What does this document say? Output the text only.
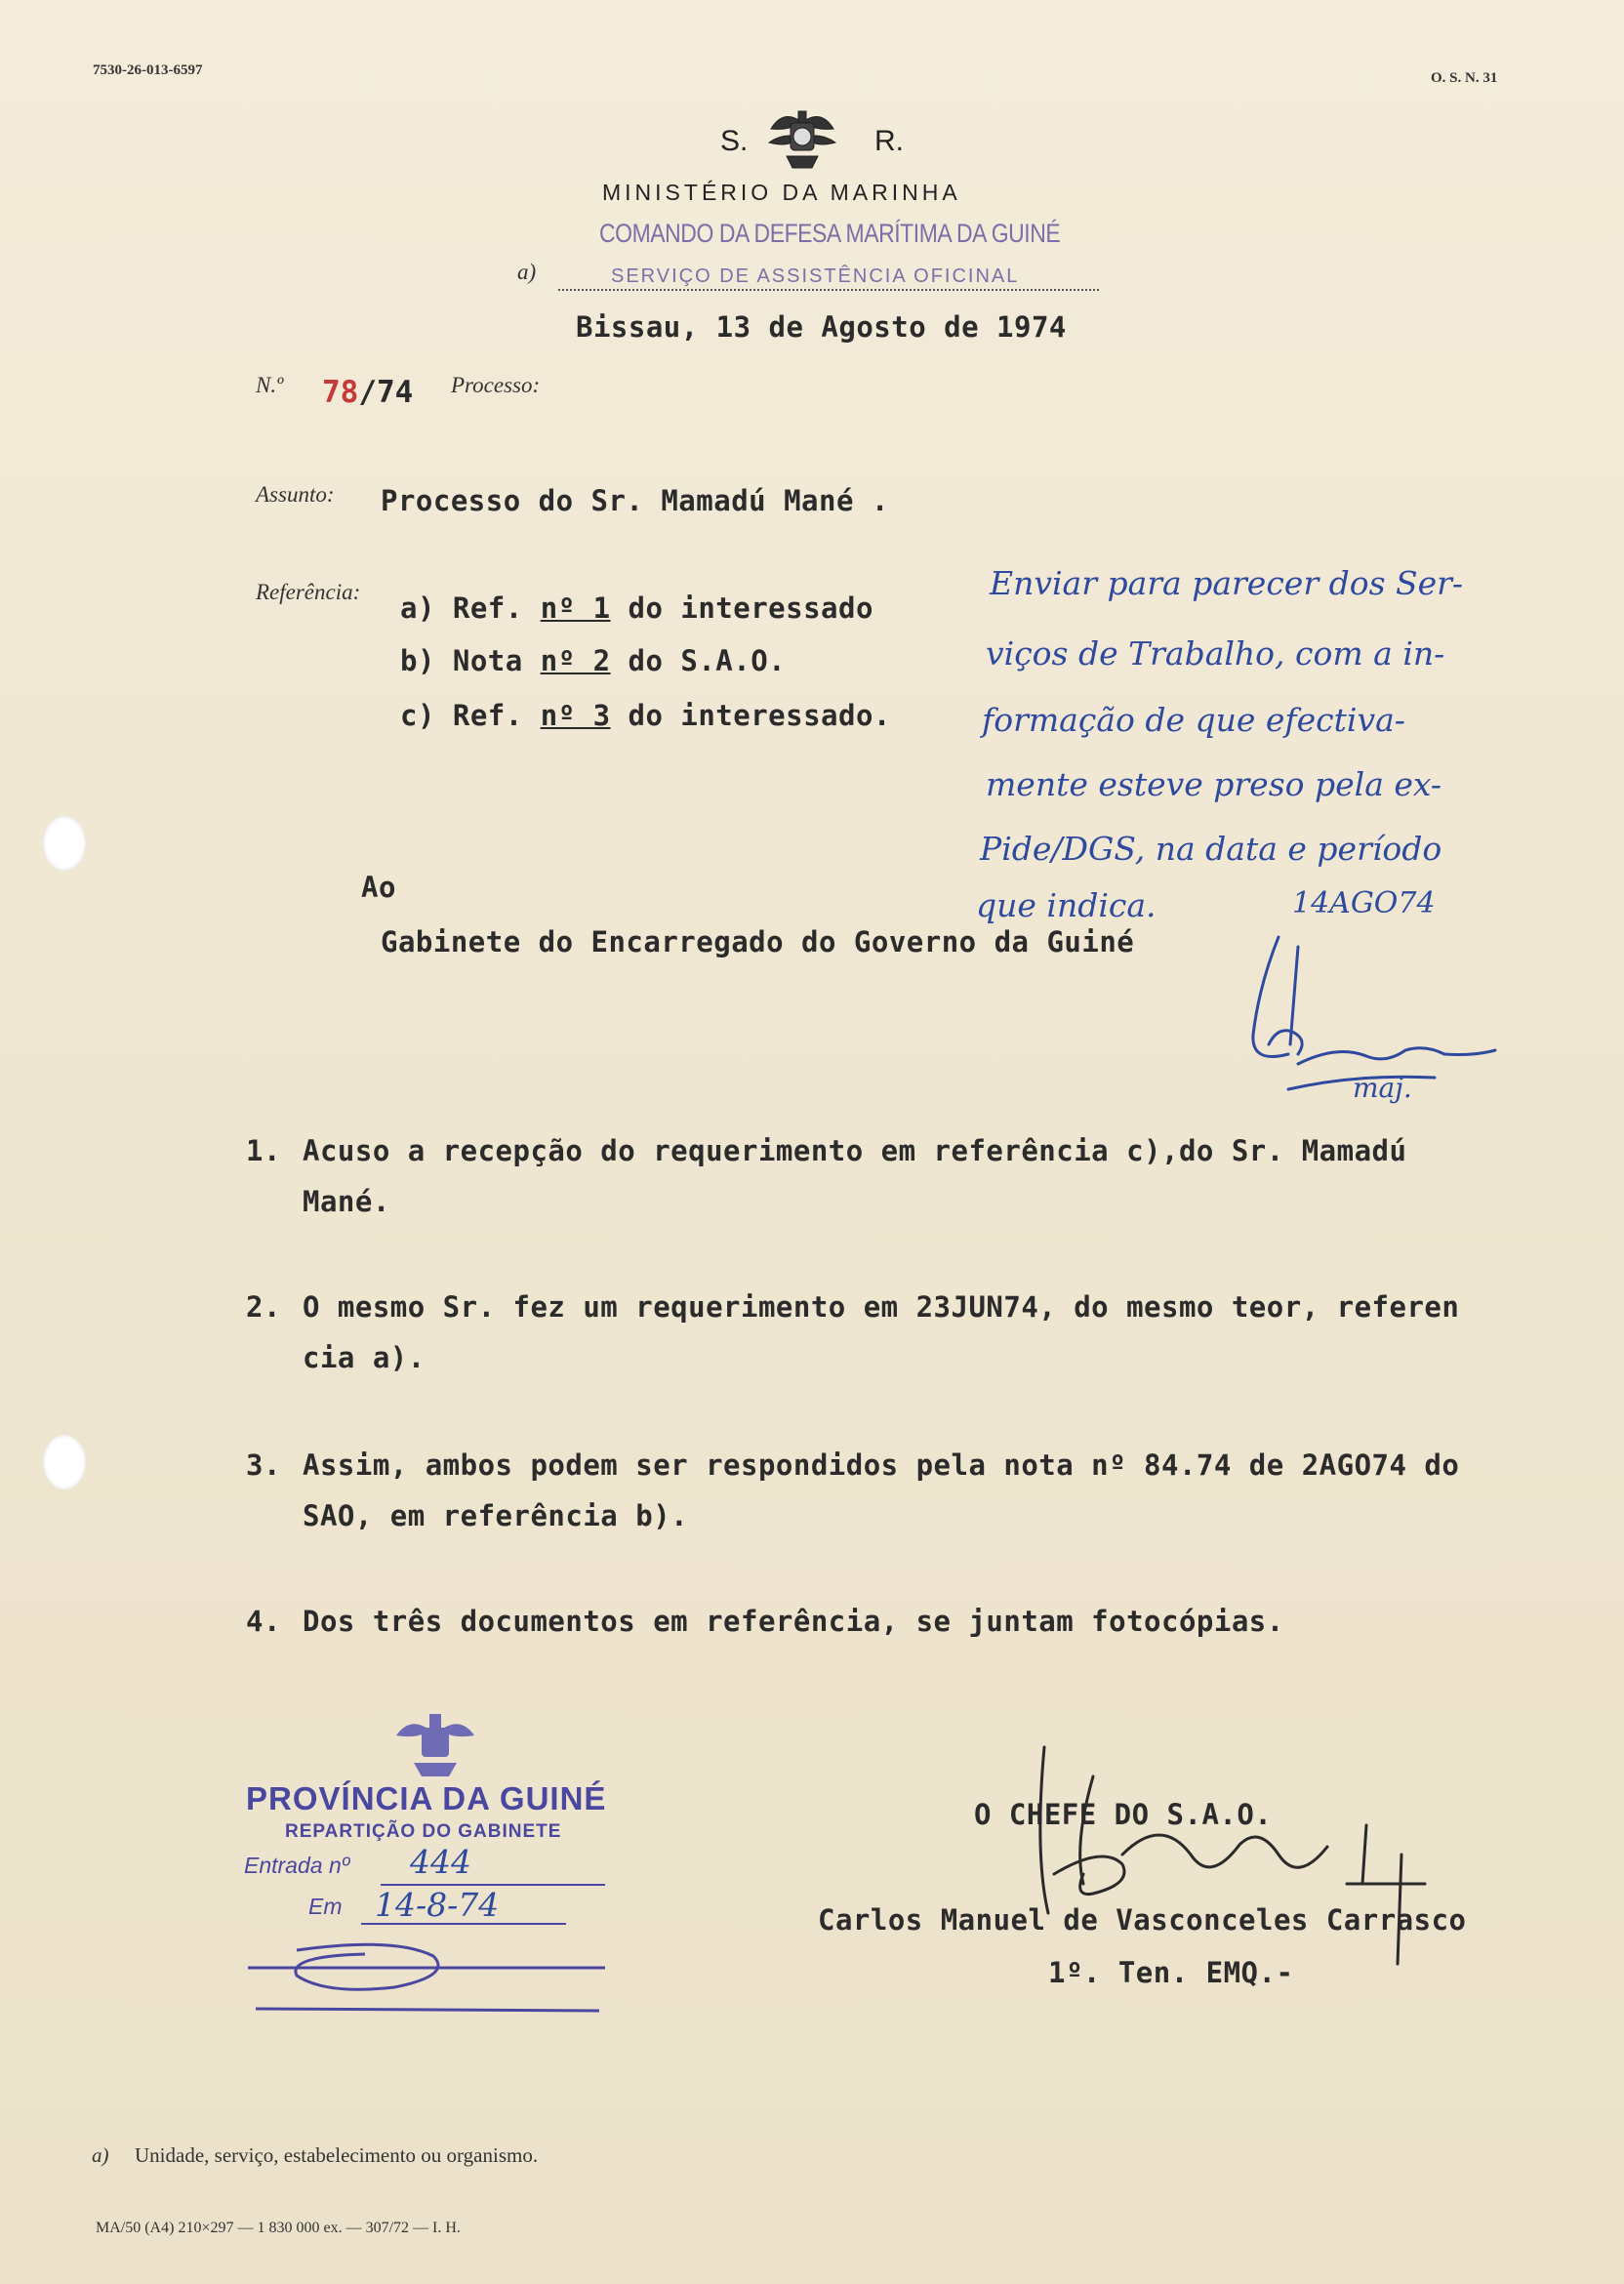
7530-26-013-6597	O. S. N. 31
S.	R.
MINISTÉRIO DA MARINHA
COMANDO DA DEFESA MARÍTIMA DA GUINÉ
a)	SERVIÇO DE ASSISTÊNCIA OFICINAL
Bissau, 13 de Agosto de 1974
N.º 78/74 Processo:
Assunto: Processo do Sr. Mamadú Mané .
Referência: a) Ref. nº 1 do interessado
b) Nota nº 2 do S.A.O.
c) Ref. nº 3 do interessado.
Enviar para parecer dos Ser-
viços de Trabalho, com a in-
formação de que efectiva-
mente esteve preso pela ex-
Pide/DGS, na data e período
que indica.	14AGO74
maj.
Ao
Gabinete do Encarregado do Governo da Guiné
1. Acuso a recepção do requerimento em referência c),do Sr. Mamadú
Mané.
2. O mesmo Sr. fez um requerimento em 23JUN74, do mesmo teor, referen
cia a).
3. Assim, ambos podem ser respondidos pela nota nº 84.74 de 2AGO74 do
SAO, em referência b).
4. Dos três documentos em referência, se juntam fotocópias.
PROVÍNCIA DA GUINÉ
REPARTIÇÃO DO GABINETE
Entrada nº 444
Em 14-8-74
O CHEFE DO S.A.O.
Carlos Manuel de Vasconceles Carrasco
1º. Ten. EMQ.-
a) Unidade, serviço, estabelecimento ou organismo.
MA/50 (A4) 210×297 — 1 830 000 ex. — 307/72 — I. H.
